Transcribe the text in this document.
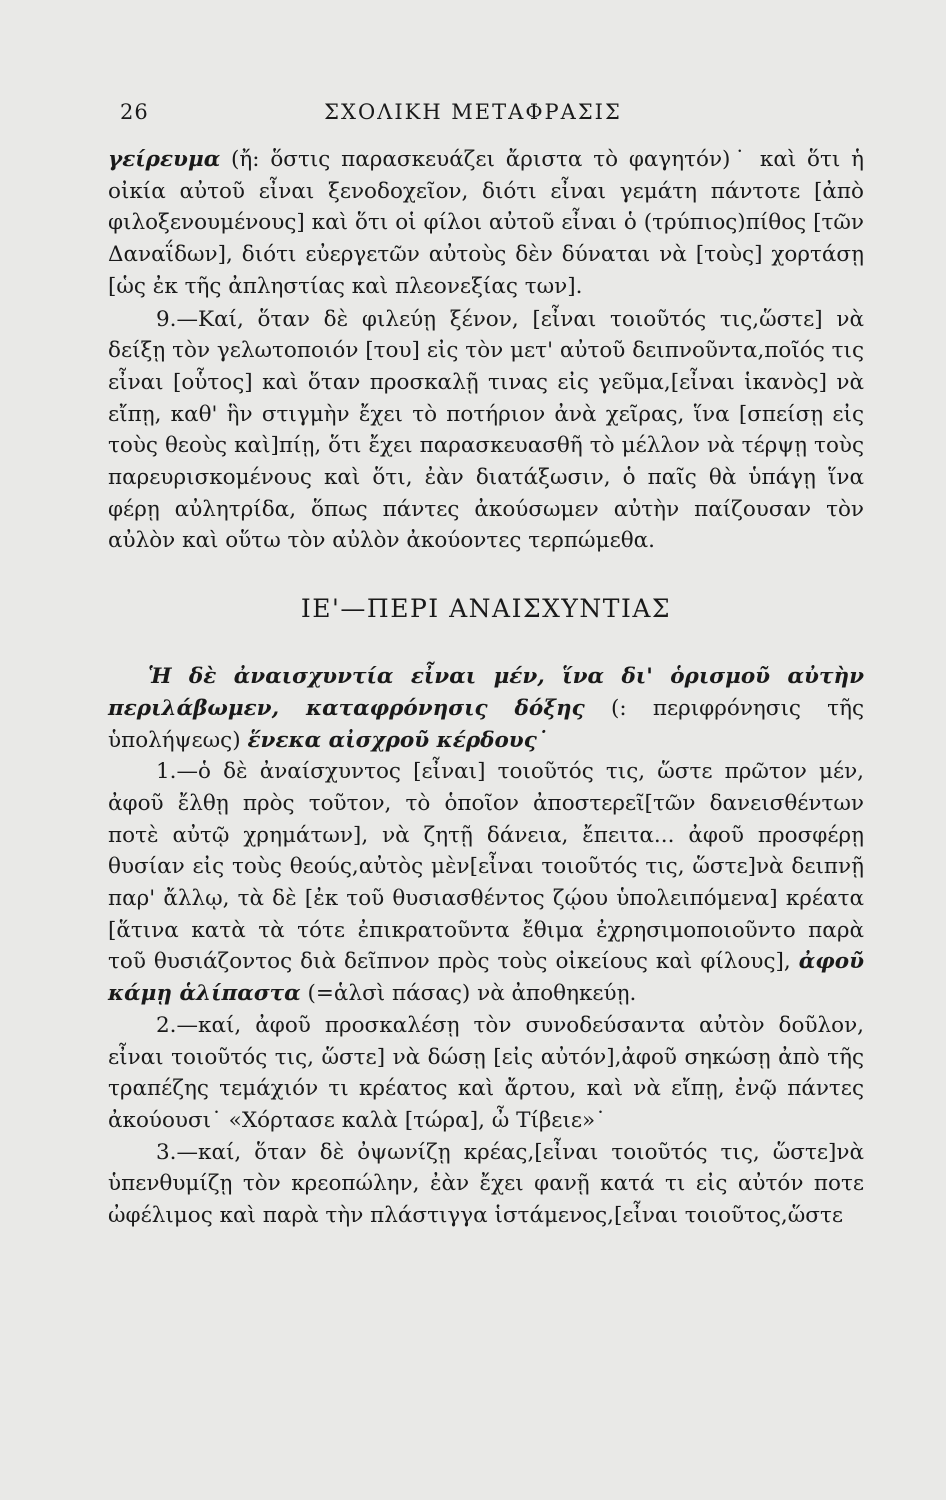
26	ΣΧΟΛΙΚΗ ΜΕΤΑΦΡΑΣΙΣ

γείρευμα (ἤ: ὅστις παρασκευάζει ἄριστα τὸ φαγητόν)˙ καὶ ὅτι ἡ οἰκία αὐτοῦ εἶναι ξενοδοχεῖον, διότι εἶναι γεμάτη πάντοτε [ἀπὸ φιλοξενουμένους] καὶ ὅτι οἱ φίλοι αὐτοῦ εἶναι ὁ (τρύπιος)πίθος [τῶν Δαναΐδων], διότι εὐεργετῶν αὐτοὺς δὲν δύναται νὰ [τοὺς] χορτάσῃ [ὡς ἐκ τῆς ἀπληστίας καὶ πλεονεξίας των].

9.—Καί, ὅταν δὲ φιλεύῃ ξένον, [εἶναι τοιοῦτός τις,ὥστε] νὰ δείξῃ τὸν γελωτοποιόν [του] εἰς τὸν μετ' αὐτοῦ δειπνοῦντα,ποῖός τις εἶναι [οὗτος] καὶ ὅταν προσκαλῇ τινας εἰς γεῦμα,[εἶναι ἱκανὸς] νὰ εἴπῃ, καθ' ἣν στιγμὴν ἔχει τὸ ποτήριον ἀνὰ χεῖρας, ἵνα [σπείσῃ εἰς τοὺς θεοὺς καὶ]πίῃ, ὅτι ἔχει παρασκευασθῆ τὸ μέλλον νὰ τέρψῃ τοὺς παρευρισκομένους καὶ ὅτι, ἐὰν διατάξωσιν, ὁ παῖς θὰ ὑπάγῃ ἵνα φέρῃ αὐλητρίδα, ὅπως πάντες ἀκούσωμεν αὐτὴν παίζουσαν τὸν αὐλὸν καὶ οὕτω τὸν αὐλὸν ἀκούοντες τερπώμεθα.

ΙΕ'—ΠΕΡΙ ΑΝΑΙΣΧΥΝΤΙΑΣ

Ἡ δὲ ἀναισχυντία εἶναι μέν, ἵνα δι' ὁρισμοῦ αὐτὴν περιλάβωμεν, καταφρόνησις δόξης (: περιφρόνησις τῆς ὑπολήψεως) ἕνεκα αἰσχροῦ κέρδους˙

1.—ὁ δὲ ἀναίσχυντος [εἶναι] τοιοῦτός τις, ὥστε πρῶτον μέν, ἀφοῦ ἔλθῃ πρὸς τοῦτον, τὸ ὁποῖον ἀποστερεῖ[τῶν δανεισθέντων ποτὲ αὐτῷ χρημάτων], νὰ ζητῇ δάνεια, ἔπειτα... ἀφοῦ προσφέρῃ θυσίαν εἰς τοὺς θεούς,αὐτὸς μὲν[εἶναι τοιοῦτός τις, ὥστε]νὰ δειπνῇ παρ' ἄλλῳ, τὰ δὲ [ἐκ τοῦ θυσιασθέντος ζῴου ὑπολειπόμενα] κρέατα [ἅτινα κατὰ τὰ τότε ἐπικρατοῦντα ἔθιμα ἐχρησιμοποιοῦντο παρὰ τοῦ θυσιάζοντος διὰ δεῖπνον πρὸς τοὺς οἰκείους καὶ φίλους], ἀφοῦ κάμῃ ἁλίπαστα (=ἁλσὶ πάσας) νὰ ἀποθηκεύῃ.

2.—καί, ἀφοῦ προσκαλέσῃ τὸν συνοδεύσαντα αὐτὸν δοῦλον, εἶναι τοιοῦτός τις, ὥστε] νὰ δώσῃ [εἰς αὐτόν],ἀφοῦ σηκώσῃ ἀπὸ τῆς τραπέζης τεμάχιόν τι κρέατος καὶ ἄρτου, καὶ νὰ εἴπῃ, ἐνῷ πάντες ἀκούουσι˙ «Χόρτασε καλὰ [τώρα], ὦ Τίβειε»˙

3.—καί, ὅταν δὲ ὀψωνίζῃ κρέας,[εἶναι τοιοῦτός τις, ὥστε]νὰ ὑπενθυμίζῃ τὸν κρεοπώλην, ἐὰν ἔχει φανῇ κατά τι εἰς αὐτόν ποτε ὠφέλιμος καὶ παρὰ τὴν πλάστιγγα ἱστάμενος,[εἶναι τοιοῦτος,ὥστε
